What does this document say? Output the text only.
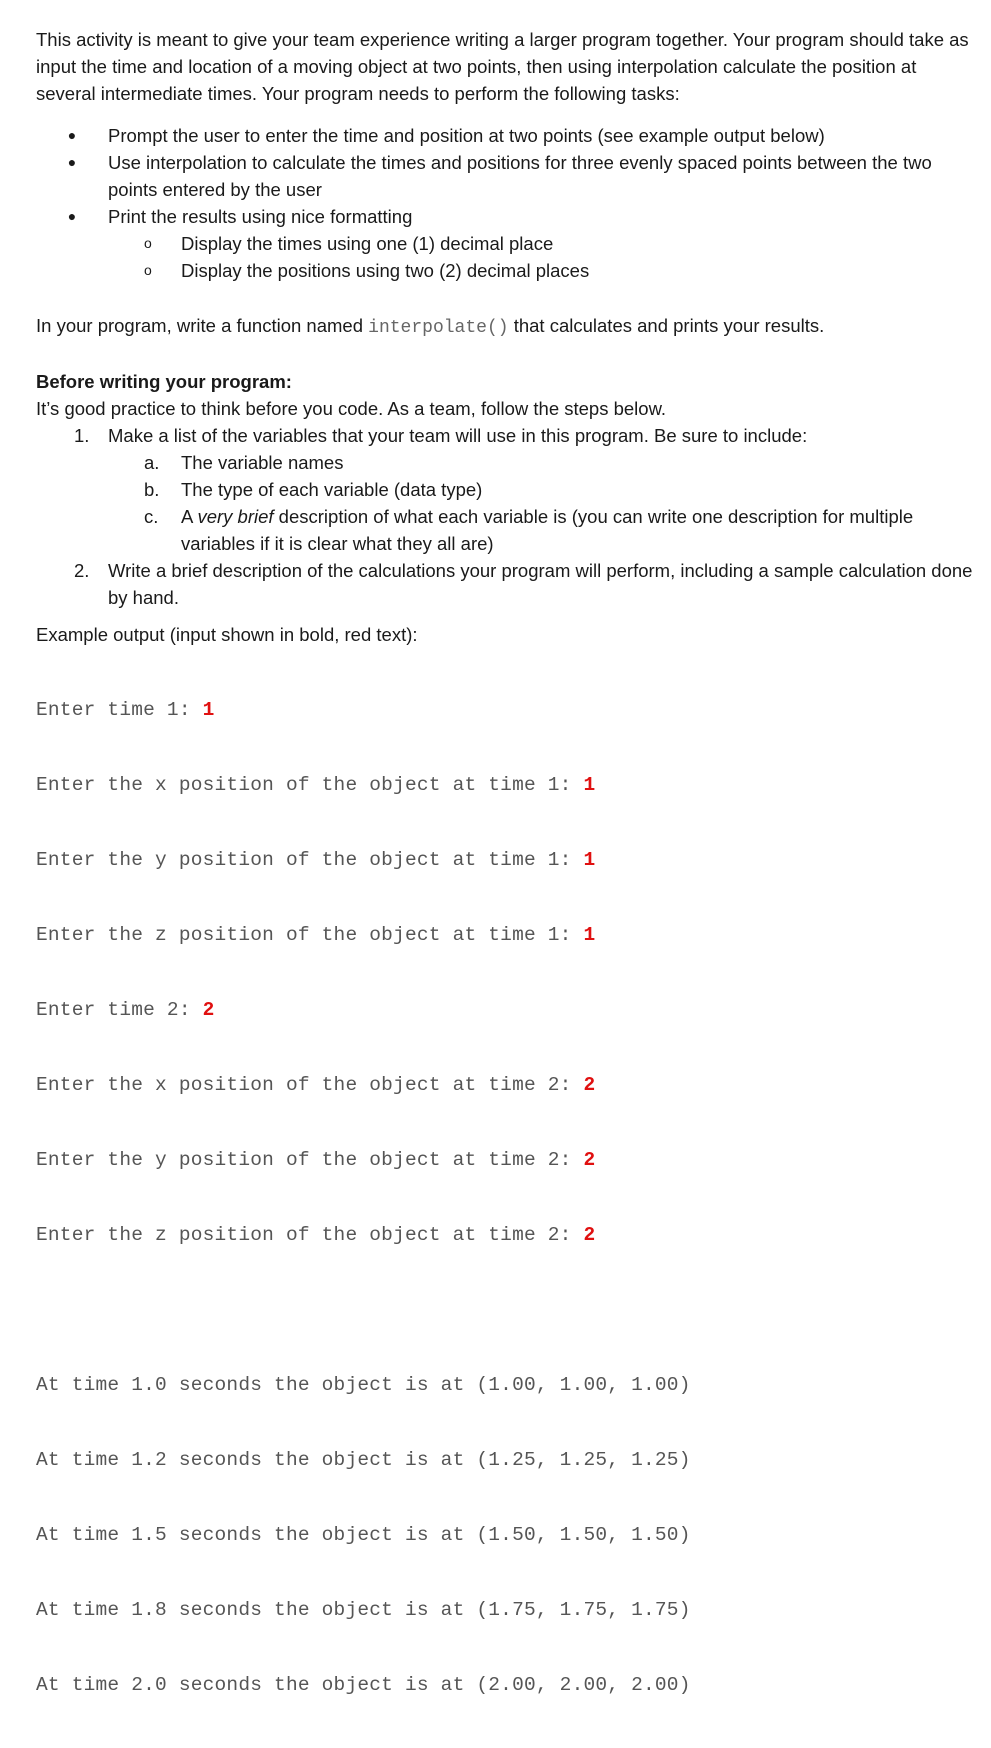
This activity is meant to give your team experience writing a larger program together. Your program should take as input the time and location of a moving object at two points, then using interpolation calculate the position at several intermediate times. Your program needs to perform the following tasks:

● Prompt the user to enter the time and position at two points (see example output below)
● Use interpolation to calculate the times and positions for three evenly spaced points between the two points entered by the user
● Print the results using nice formatting
o Display the times using one (1) decimal place
o Display the positions using two (2) decimal places

In your program, write a function named interpolate() that calculates and prints your results.

Before writing your program:

It’s good practice to think before you code. As a team, follow the steps below.

1. Make a list of the variables that your team will use in this program. Be sure to include:
a. The variable names
b. The type of each variable (data type)
c. A very brief description of what each variable is (you can write one description for multiple variables if it is clear what they all are)
2. Write a brief description of the calculations your program will perform, including a sample calculation done by hand.

Example output (input shown in bold, red text):

Enter time 1: 1

Enter the x position of the object at time 1: 1

Enter the y position of the object at time 1: 1

Enter the z position of the object at time 1: 1

Enter time 2: 2

Enter the x position of the object at time 2: 2

Enter the y position of the object at time 2: 2

Enter the z position of the object at time 2: 2

At time 1.0 seconds the object is at (1.00, 1.00, 1.00)

At time 1.2 seconds the object is at (1.25, 1.25, 1.25)

At time 1.5 seconds the object is at (1.50, 1.50, 1.50)

At time 1.8 seconds the object is at (1.75, 1.75, 1.75)

At time 2.0 seconds the object is at (2.00, 2.00, 2.00)
